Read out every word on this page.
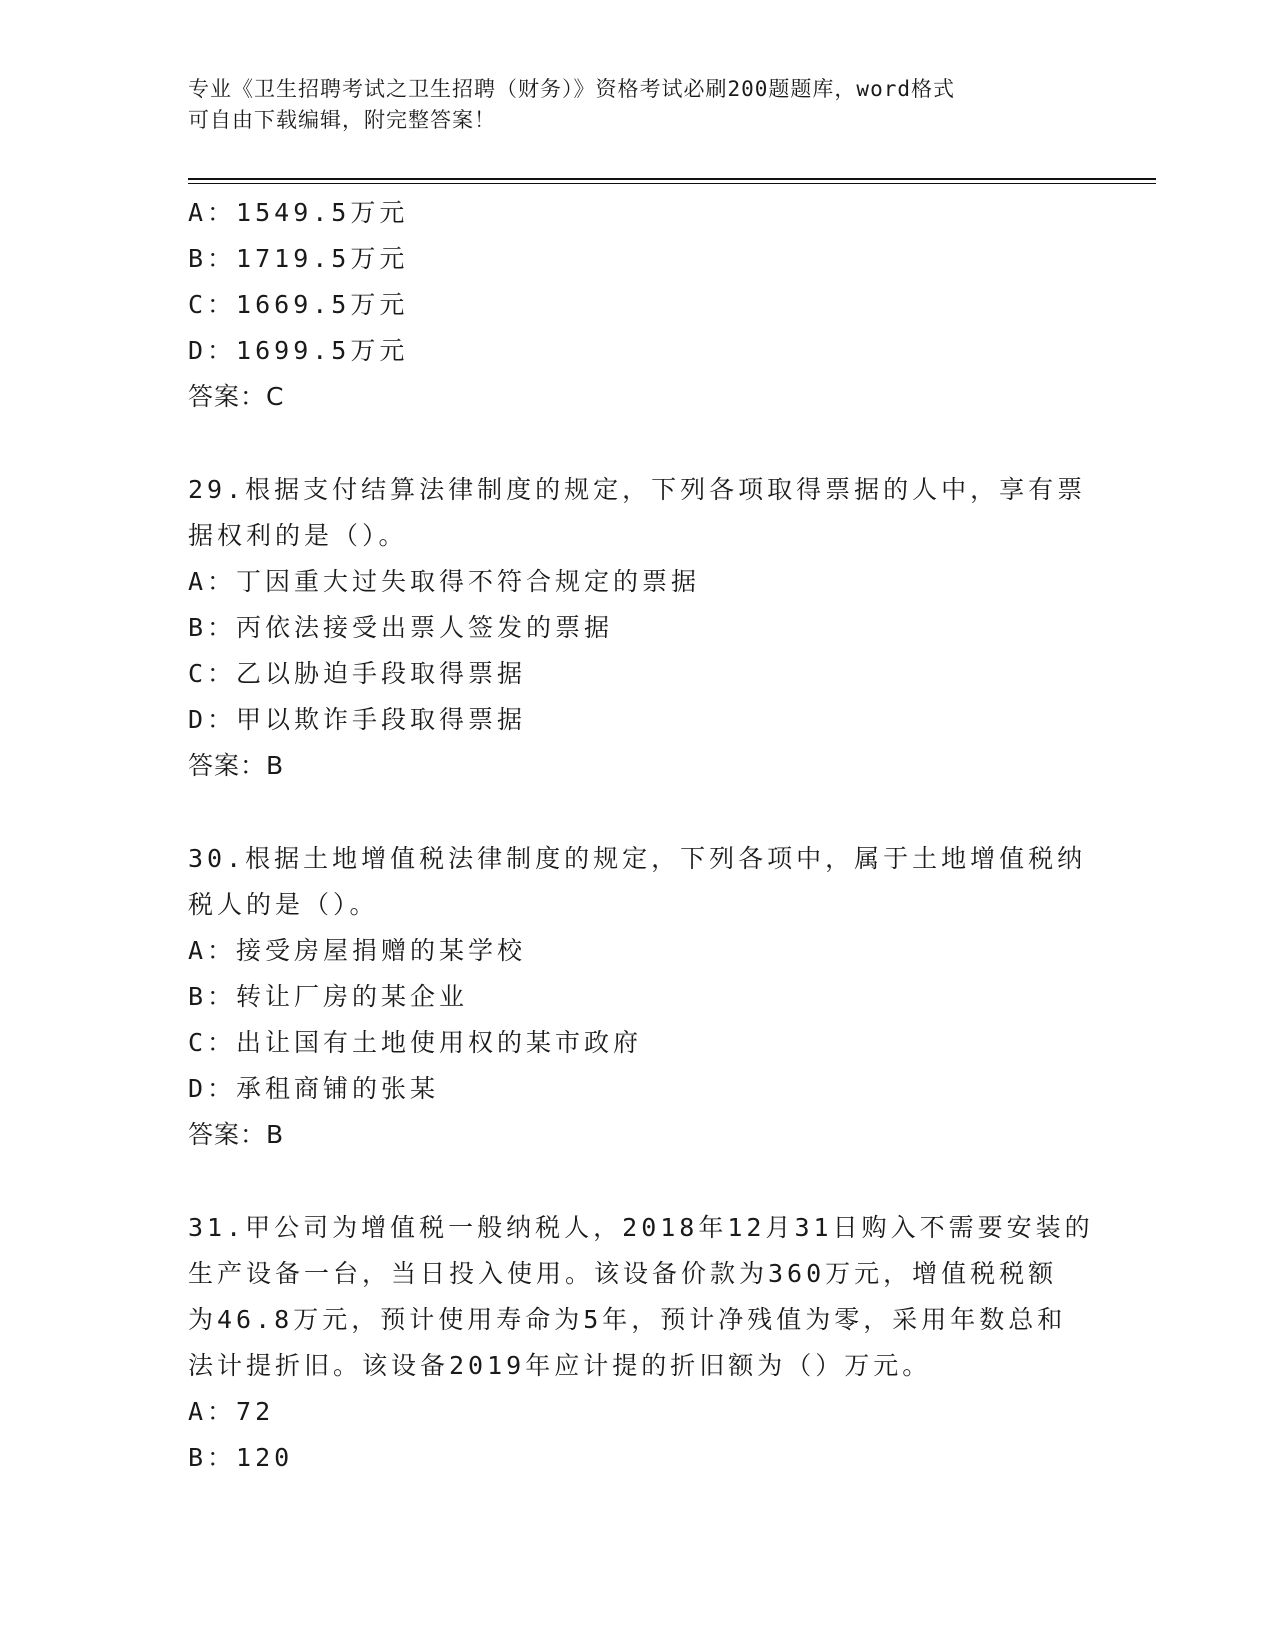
专业《卫生招聘考试之卫生招聘（财务）》资格考试必刷200题题库，word格式
可自由下载编辑，附完整答案！
A：1549.5万元
B：1719.5万元
C：1669.5万元
D：1699.5万元
答案：C
29.根据支付结算法律制度的规定，下列各项取得票据的人中，享有票
据权利的是（）。
A：丁因重大过失取得不符合规定的票据
B：丙依法接受出票人签发的票据
C：乙以胁迫手段取得票据
D：甲以欺诈手段取得票据
答案：B
30.根据土地增值税法律制度的规定，下列各项中，属于土地增值税纳
税人的是（）。
A：接受房屋捐赠的某学校
B：转让厂房的某企业
C：出让国有土地使用权的某市政府
D：承租商铺的张某
答案：B
31.甲公司为增值税一般纳税人，2018年12月31日购入不需要安装的
生产设备一台，当日投入使用。该设备价款为360万元，增值税税额
为46.8万元，预计使用寿命为5年，预计净残值为零，采用年数总和
法计提折旧。该设备2019年应计提的折旧额为（）万元。
A：72
B：120
